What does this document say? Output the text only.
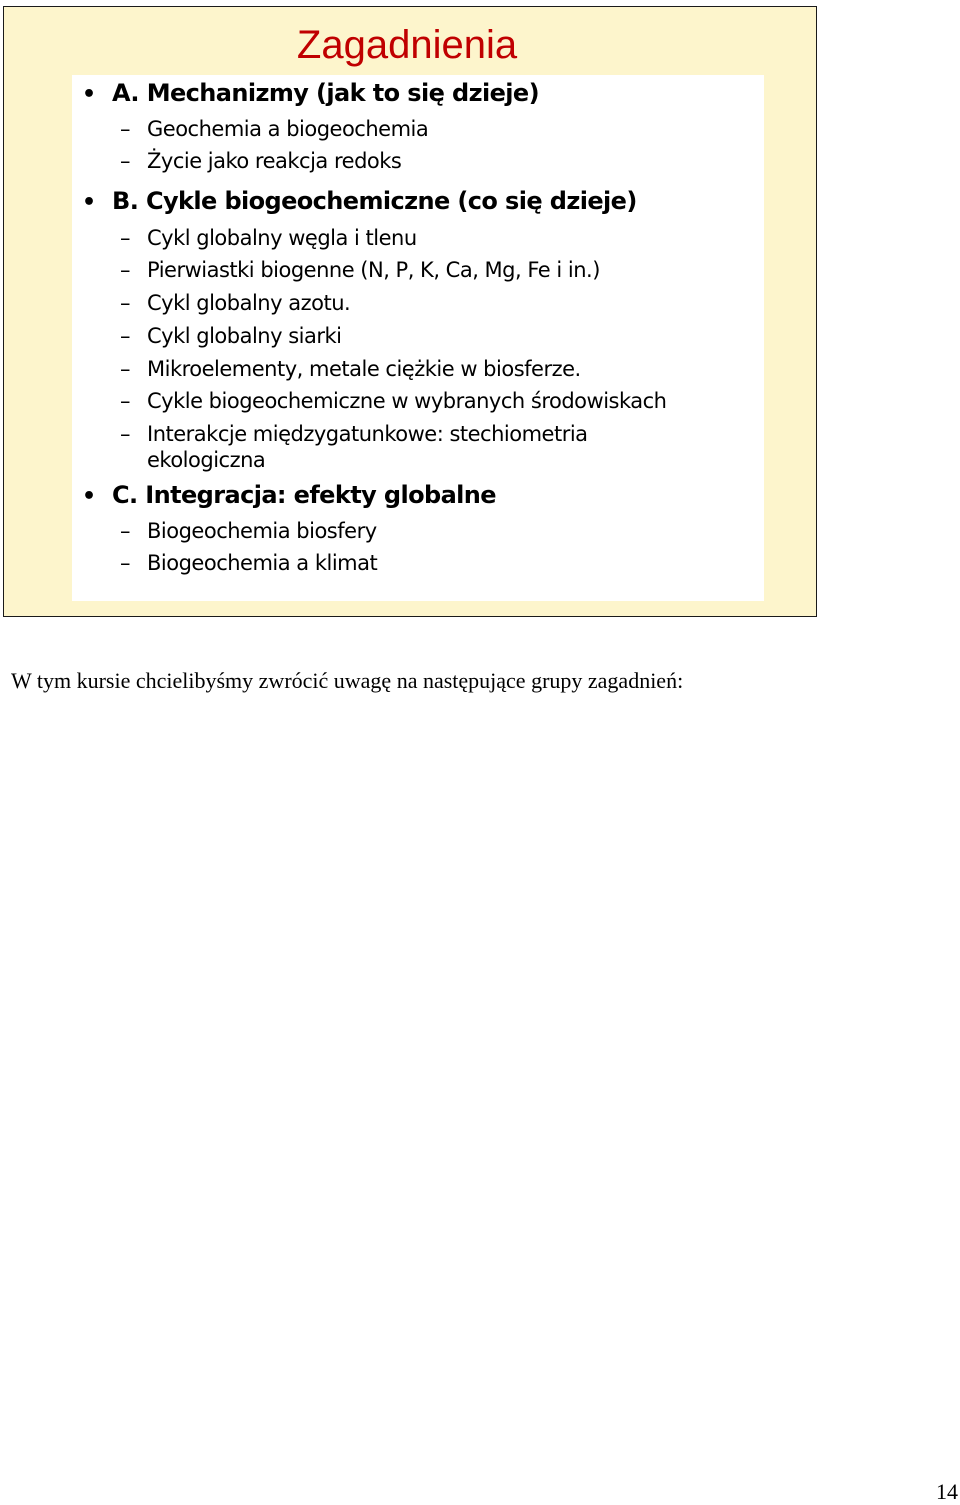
Zagadnienia
• A. Mechanizmy (jak to się dzieje)
– Geochemia a biogeochemia
– Życie jako reakcja redoks
• B. Cykle biogeochemiczne (co się dzieje)
– Cykl globalny węgla i tlenu
– Pierwiastki biogenne (N, P, K, Ca, Mg, Fe i in.)
– Cykl globalny azotu.
– Cykl globalny siarki
– Mikroelementy, metale ciężkie w biosferze.
– Cykle biogeochemiczne w wybranych środowiskach
– Interakcje międzygatunkowe: stechiometria
ekologiczna
• C. Integracja: efekty globalne
– Biogeochemia biosfery
– Biogeochemia a klimat

W tym kursie chcielibyśmy zwrócić uwagę na następujące grupy zagadnień:

14
